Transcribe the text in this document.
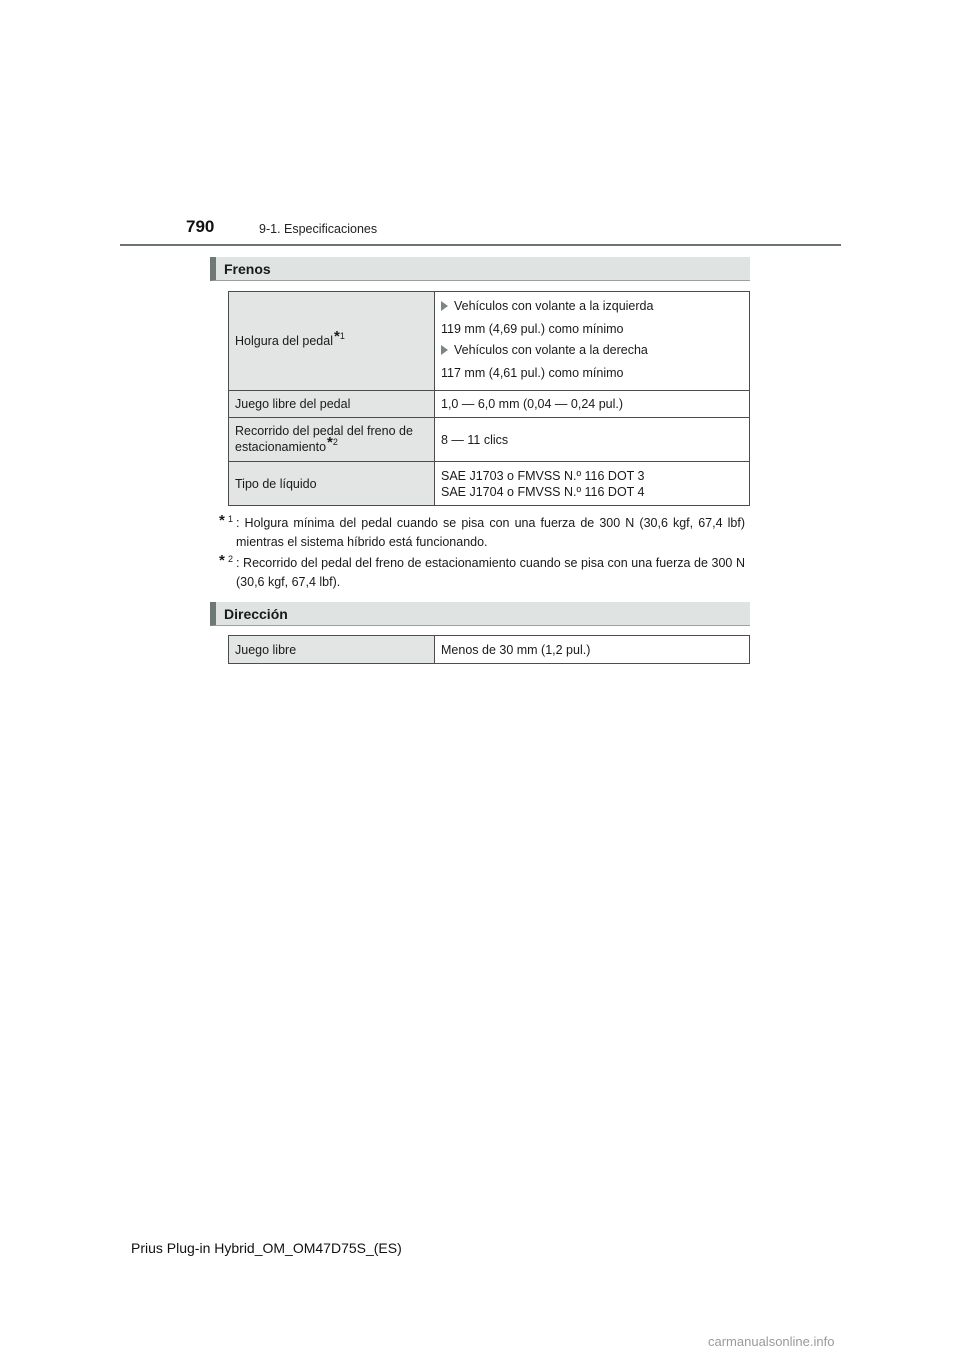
790	9-1. Especificaciones
Frenos
Holgura del pedal*$^1$	Vehículos con volante a la izquierda
119 mm (4,69 pul.) como mínimo
Vehículos con volante a la derecha
117 mm (4,61 pul.) como mínimo

Juego libre del pedal	1,0 — 6,0 mm (0,04 — 0,24 pul.)

Recorrido del pedal del freno de
estacionamiento*$^2$	8 — 11 clics
Tipo de líquido	SAE J1703 o FMVSS N.º 116 DOT 3
SAE J1704 o FMVSS N.º 116 DOT 4
* 1 : Holgura mínima del pedal cuando se pisa con una fuerza de 300 N (30,6 kgf, 67,4 lbf) mientras el sistema híbrido está funcionando.
* 2 : Recorrido del pedal del freno de estacionamiento cuando se pisa con una fuerza de 300 N (30,6 kgf, 67,4 lbf).
Dirección
Juego libre	Menos de 30 mm (1,2 pul.)
Prius Plug-in Hybrid_OM_OM47D75S_(ES)
carmanualsonline.info
